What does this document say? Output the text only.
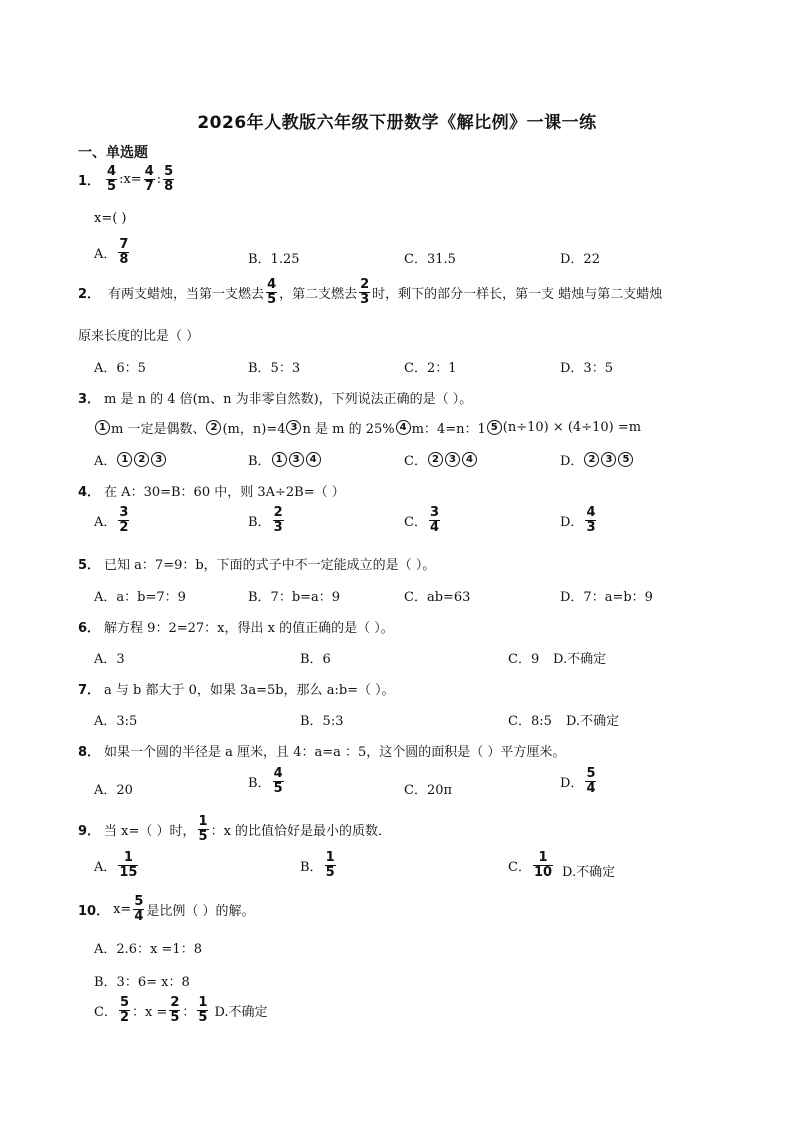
2026年人教版六年级下册数学《解比例》一课一练
一、单选题
1． $\frac{4}{5}$ :x= $\frac{4}{7}$ : $\frac{5}{8}$
x=( )
A． $\frac{7}{8}$	B．1.25	C．31.5	D．22
2． 有两支蜡烛，当第一支燃去 $\frac{4}{5}$ ，第二支燃去 $\frac{2}{3}$ 时，剩下的部分一样长，第一支 蜡烛与第二支蜡烛
原来长度的比是（ ）
A．6：5	B．5：3	C．2：1	D．3：5
3． m 是 n 的 4 倍(m、n 为非零自然数)，下列说法正确的是（ ）。
1 m 一定是偶数、 2 (m，n)=4 3 n 是 m 的 25% 4 m：4=n：1 5 (n÷10) × (4÷10) =m
A． 1	2	3	B． 1	3	4	C． 2	3	4	D． 2	3	5
4． 在 A：30=B：60 中，则 3A÷2B=（ ）
A． $\frac{3}{2}$	B． $\frac{2}{3}$	C． $\frac{3}{4}$	D． $\frac{4}{3}$
5． 已知 a：7=9：b，下面的式子中不一定能成立的是（ ）。
A．a：b=7：9	B．7：b=a：9	C．ab=63	D．7：a=b：9
6． 解方程 9：2=27：x，得出 x 的值正确的是（ ）。
A．3	B．6	C．9 D.不确定
7． a 与 b 都大于 0，如果 3a=5b，那么 a:b=（ ）。
A．3:5	B．5:3	C．8:5 D.不确定
8． 如果一个圆的半径是 a 厘米，且 4：a=a ：5，这个圆的面积是（ ）平方厘米。
A．20	B． $\frac{4}{5}$	C．20π	D． $\frac{5}{4}$
9． 当 x=（ ）时， $\frac{1}{5}$ ：x 的比值恰好是最小的质数．
A． $\frac{1}{15}$	B． $\frac{1}{5}$	C． $\frac{1}{10} D$.不确定
10． $x= \frac{5}{4}$ 是比例（ ）的解。
A．2.6：x =1：8
B．3：6= x：8
C． $\frac{5}{2}$ ：$x = \frac{2}{5}$ ： $\frac{1}{5} D$.不确定
